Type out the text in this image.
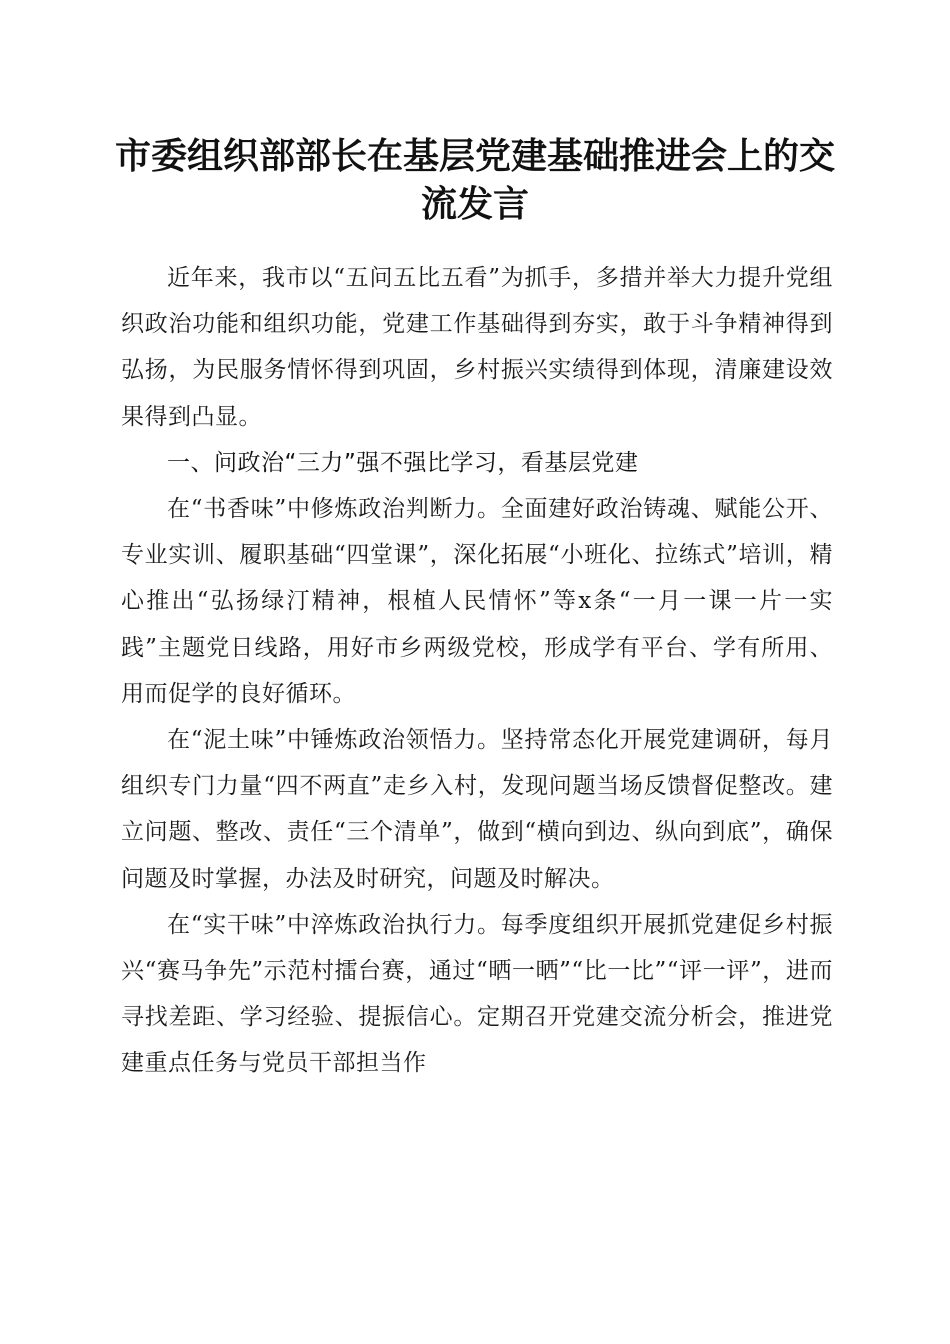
市委组织部部长在基层党建基础推进会上的交流发言

近年来，我市以“五问五比五看”为抓手，多措并举大力提升党组织政治功能和组织功能，党建工作基础得到夯实，敢于斗争精神得到弘扬，为民服务情怀得到巩固，乡村振兴实绩得到体现，清廉建设效果得到凸显。

一、问政治“三力”强不强比学习，看基层党建

在“书香味”中修炼政治判断力。全面建好政治铸魂、赋能公开、专业实训、履职基础“四堂课”，深化拓展“小班化、拉练式”培训，精心推出“弘扬绿汀精神，根植人民情怀”等x条“一月一课一片一实践”主题党日线路，用好市乡两级党校，形成学有平台、学有所用、用而促学的良好循环。

在“泥土味”中锤炼政治领悟力。坚持常态化开展党建调研，每月组织专门力量“四不两直”走乡入村，发现问题当场反馈督促整改。建立问题、整改、责任“三个清单”，做到“横向到边、纵向到底”，确保问题及时掌握，办法及时研究，问题及时解决。

在“实干味”中淬炼政治执行力。每季度组织开展抓党建促乡村振兴“赛马争先”示范村擂台赛，通过“晒一晒”“比一比”“评一评”，进而寻找差距、学习经验、提振信心。定期召开党建交流分析会，推进党建重点任务与党员干部担当作
